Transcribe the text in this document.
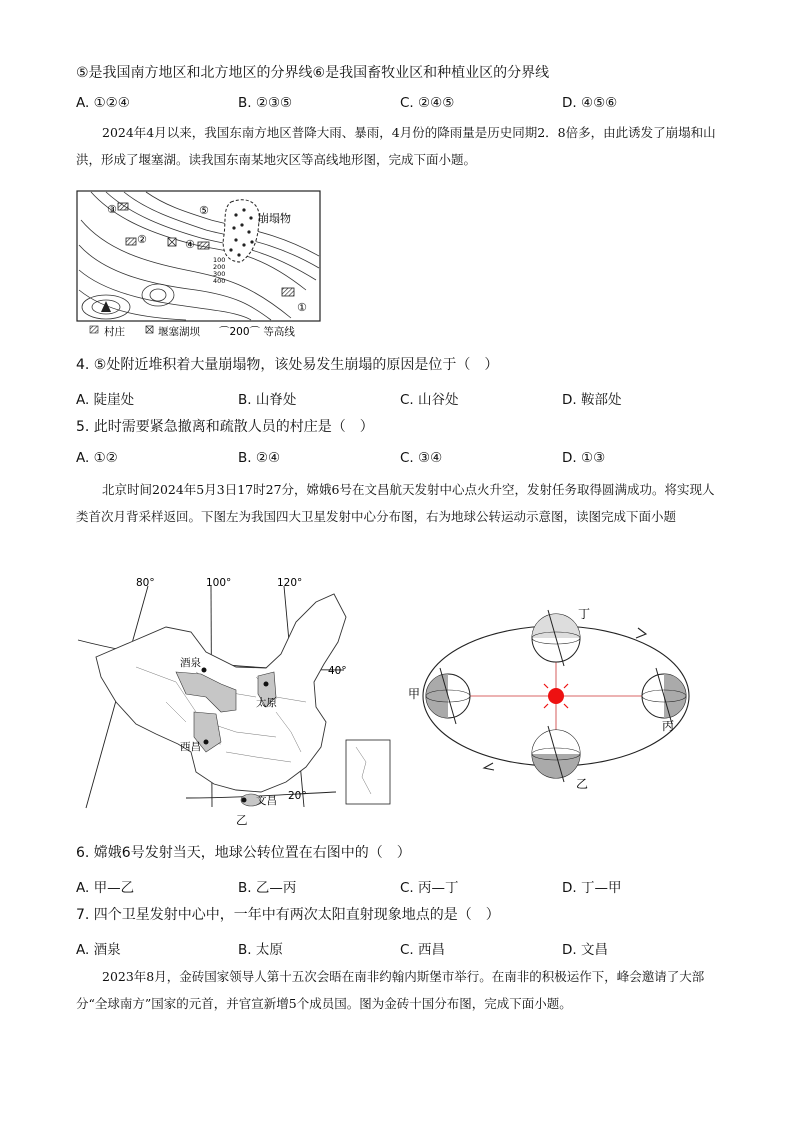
⑤是我国南方地区和北方地区的分界线⑥是我国畜牧业区和种植业区的分界线
A. ①②④	B. ②③⑤	C. ②④⑤	D. ④⑤⑥
2024年4月以来，我国东南方地区普降大雨、暴雨，4月份的降雨量是历史同期2．8倍多，由此诱发了崩塌和山洪，形成了堰塞湖。读我国东南某地灾区等高线地形图，完成下面小题。
③
②	④
⑤
①
崩塌物
100
200
300
400
村庄	堰塞湖坝 ⌒200⌒ 等高线
4. ⑤处附近堆积着大量崩塌物，该处易发生崩塌的原因是位于（　）
A. 陡崖处	B. 山脊处	C. 山谷处	D. 鞍部处
5. 此时需要紧急撤离和疏散人员的村庄是（　）
A. ①②	B. ②④	C. ③④	D. ①③
北京时间2024年5月3日17时27分，嫦娥6号在文昌航天发射中心点火升空，发射任务取得圆满成功。将实现人类首次月背采样返回。下图左为我国四大卫星发射中心分布图，右为地球公转运动示意图，读图完成下面小题
80°	100°	120°
40°
20°
酒泉
太原
西昌
文昌
乙
甲
乙
丙
丁
6. 嫦娥6号发射当天，地球公转位置在右图中的（　）
A. 甲—乙	B. 乙—丙	C. 丙—丁	D. 丁—甲
7. 四个卫星发射中心中，一年中有两次太阳直射现象地点的是（　）
A. 酒泉	B. 太原	C. 西昌	D. 文昌
2023年8月，金砖国家领导人第十五次会晤在南非约翰内斯堡市举行。在南非的积极运作下，峰会邀请了大部分“全球南方”国家的元首，并官宣新增5个成员国。图为金砖十国分布图，完成下面小题。
